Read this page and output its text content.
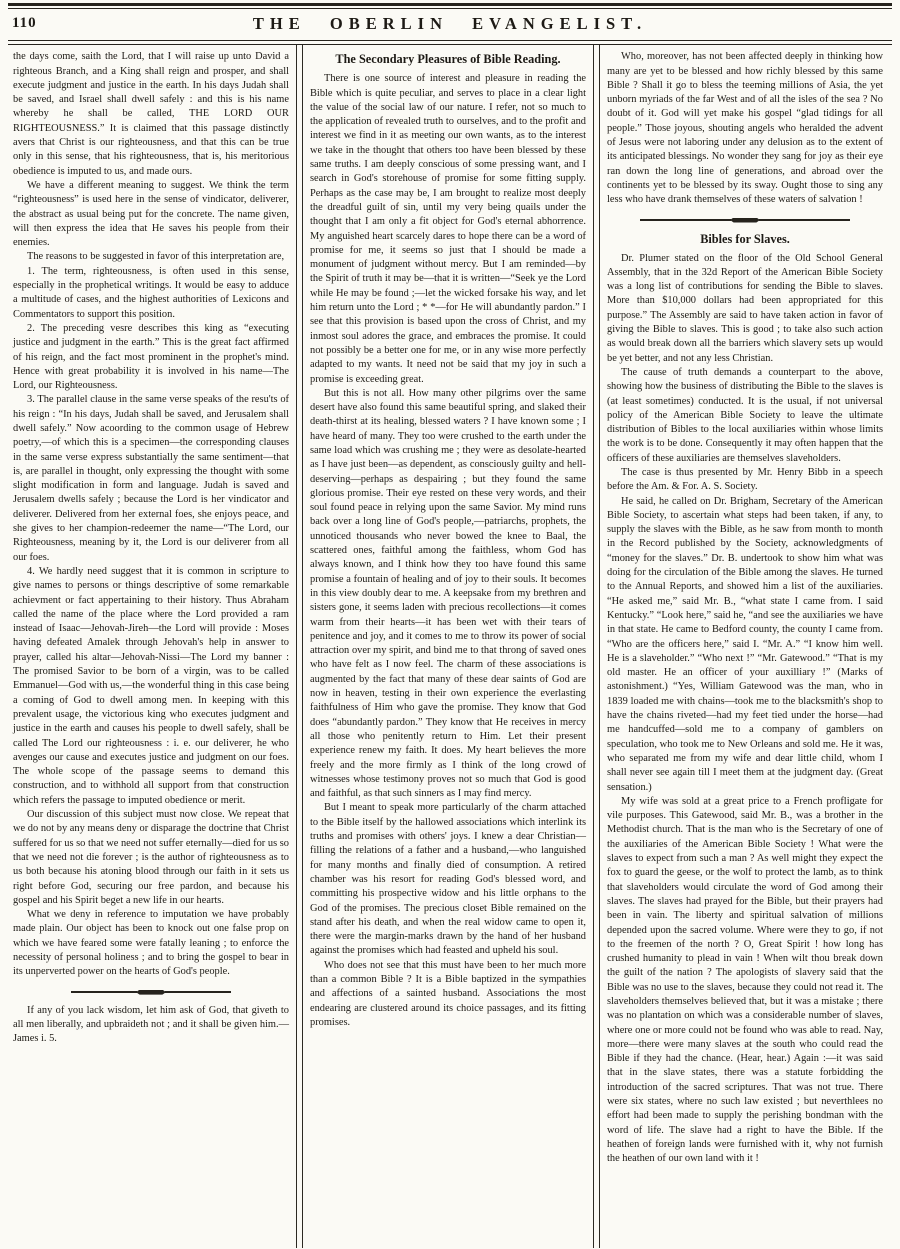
110	THE OBERLIN EVANGELIST.

the days come, saith the Lord, that I will raise up unto David a righteous Branch, and a King shall reign and prosper, and shall execute judgment and justice in the earth. In his days Judah shall be saved, and Israel shall dwell safely : and this is his name whereby he shall be called, THE LORD OUR RIGHTEOUSNESS.” It is claimed that this passage distinctly avers that Christ is our righteousness, and that this can be true only in this sense, that his righteousness, that is, his meritorious obedience is imputed to us, and made ours.

We have a different meaning to suggest. We think the term “righteousness” is used here in the sense of vindicator, deliverer, the abstract as usual being put for the concrete. The name given, will then express the idea that He saves his people from their enemies.

The reasons to be suggested in favor of this interpretation are,

1. The term, righteousness, is often used in this sense, especially in the prophetical writings. It would be easy to adduce a multitude of cases, and the highest authorities of Lexicons and Commentators to support this position.

2. The preceding vesre describes this king as “executing justice and judgment in the earth.” This is the great fact affirmed of his reign, and the fact most prominent in the prophet's mind. Hence with great probability it is involved in his name—The Lord, our Righteousness.

3. The parallel clause in the same verse speaks of the resu'ts of his reign : “In his days, Judah shall be saved, and Jerusalem shall dwell safely.” Now acoording to the common usage of Hebrew poetry,—of which this is a specimen—the corresponding clauses in the same verse express substantially the same sentiment—that is, are parallel in thought, only expressing the thought with some slight modification in form and language. Judah is saved and Jerusalem dwells safely ; because the Lord is her vindicator and deliverer. Delivered from her external foes, she enjoys peace, and she gives to her champion-redeemer the name—“The Lord, our Righteousness, meaning by it, the Lord is our deliverer from all our foes.

4. We hardly need suggest that it is common in scripture to give names to persons or things descriptive of some remarkable achievment or fact appertaining to their history. Thus Abraham called the name of the place where the Lord provided a ram instead of Isaac—Jehovah-Jireh—the Lord will provide : Moses having defeated Amalek through Jehovah's help in answer to prayer, called his altar—Jehovah-Nissi—The Lord my banner : The promised Savior to be born of a virgin, was to be called Emmanuel—God with us,—the wonderful thing in this case being a coming of God to dwell among men. In keeping with this prevalent usage, the victorious king who executes judgment and justice in the earth and causes his people to dwell safely, shall be called The Lord our righteousness : i. e. our deliverer, he who avenges our cause and executes justice and judgment on our foes. The whole scope of the passage seems to demand this construction, and to withhold all support from that construction which refers the passage to imputed obedience or merit.

Our discussion of this subject must now close. We repeat that we do not by any means deny or disparage the doctrine that Christ suffered for us so that we need not suffer eternally—died for us so that we need not die forever ; is the author of righteousness as to us both because his atoning blood through our faith in it sets us right before God, securing our free pardon, and because his gospel and his Spirit beget a new life in our hearts.

What we deny in reference to imputation we have probably made plain. Our object has been to knock out one false prop on which we have feared some were fatally leaning ; to enforce the necessity of personal holiness ; and to bring the gospel to bear in its unperverted power on the hearts of God's people.

If any of you lack wisdom, let him ask of God, that giveth to all men liberally, and upbraideth not ; and it shall be given him.—James i. 5.

The Secondary Pleasures of Bible Reading.

There is one source of interest and pleasure in reading the Bible which is quite peculiar, and serves to place in a clear light the value of the social law of our nature. I refer, not so much to the application of revealed truth to ourselves, and to the profit and interest we find in it as meeting our own wants, as to the interest we take in the thought that others too have been blessed by these same truths. I am deeply conscious of some pressing want, and I search in God's storehouse of promise for some fitting supply. Perhaps as the case may be, I am brought to realize most deeply the dreadful guilt of sin, until my very being quails under the thought that I am only a fit object for God's eternal abhorrence. My anguished heart scarcely dares to hope there can be a word of promise for me, it seems so just that I should be made a monument of judgment without mercy. But I am reminded—by the Spirit of truth it may be—that it is written—“Seek ye the Lord while He may be found ;—let the wicked forsake his way, and let him return unto the Lord ; * *—for He will abundantly pardon.” I see that this provision is based upon the cross of Christ, and my inmost soul adores the grace, and embraces the promise. It could not possibly be a better one for me, or in any wise more perfectly adapted to my wants. It need not be said that my joy in such a promise is exceeding great.

But this is not all. How many other pilgrims over the same desert have also found this same beautiful spring, and slaked their death-thirst at its healing, blessed waters ? I have known some ; I have heard of many. They too were crushed to the earth under the same load which was crushing me ; they were as desolate-hearted as I have just been—as dependent, as consciously guilty and hell-deserving—perhaps as despairing ; but they found the same glorious promise. Their eye rested on these very words, and their soul found peace in relying upon the same Savior. My mind runs back over a long line of God's people,—patriarchs, prophets, the unnoticed thousands who never bowed the knee to Baal, the scattered ones, faithful among the faithless, whom God has always known, and I think how they too have found this same promise a fountain of healing and of joy to their souls. It becomes in this view doubly dear to me. A keepsake from my brethren and sisters gone, it seems laden with precious recollections—it comes warm from their hearts—it has been wet with their tears of penitence and joy, and it comes to me to throw its power of social attraction over my spirit, and bind me to that throng of saved ones who have felt as I now feel. The charm of these associations is augmented by the fact that many of these dear saints of God are now in heaven, testing in their own experience the everlasting faithfulness of Him who gave the promise. They know that God does “abundantly pardon.” They know that He receives in mercy all those who penitently return to Him. Let their present experience renew my faith. It does. My heart believes the more freely and the more firmly as I think of the long crowd of witnesses whose testimony proves not so much that God is good and faithful, as that such sinners as I may find mercy.

But I meant to speak more particularly of the charm attached to the Bible itself by the hallowed associations which interlink its truths and promises with others' joys. I knew a dear Christian—filling the relations of a father and a husband,—who languished for many months and finally died of consumption. A retired chamber was his resort for reading God's blessed word, and committing his prospective widow and his little orphans to the God of the promises. The precious closet Bible remained on the stand after his death, and when the real widow came to open it, there were the margin-marks drawn by the hand of her husband against the promises which had feasted and upheld his soul.

Who does not see that this must have been to her much more than a common Bible ? It is a Bible baptized in the sympathies and affections of a sainted husband. Associations the most endearing are clustered around its choice passages, and its fitting promises.

Who, moreover, has not been affected deeply in thinking how many are yet to be blessed and how richly blessed by this same Bible ? Shall it go to bless the teeming millions of Asia, the yet unborn myriads of the far West and of all the isles of the sea ? No doubt of it. God will yet make his gospel “glad tidings for all people.” Those joyous, shouting angels who heralded the advent of Jesus were not laboring under any delusion as to the extent of its anticipated blessings. No wonder they sang for joy as their eye ran down the long line of generations, and abroad over the continents yet to be blessed by its sway. Ought those to sing any less who have drank themselves of these waters of salvation !

Bibles for Slaves.

Dr. Plumer stated on the floor of the Old School General Assembly, that in the 32d Report of the American Bible Society was a long list of contributions for sending the Bible to slaves. More than $10,000 dollars had been appropriated for this purpose.” The Assembly are said to have taken action in favor of giving the Bible to slaves. This is good ; to take also such action as would break down all the barriers which slavery sets up would be yet better, and not any less Christian.

The cause of truth demands a counterpart to the above, showing how the business of distributing the Bible to the slaves is (at least sometimes) conducted. It is the usual, if not universal policy of the American Bible Society to leave the ultimate distribution of Bibles to the local auxiliaries within whose limits the work is to be done. Consequently it may often happen that the officers of these auxiliaries are themselves slaveholders.

The case is thus presented by Mr. Henry Bibb in a speech before the Am. & For. A. S. Society.

He said, he called on Dr. Brigham, Secretary of the American Bible Society, to ascertain what steps had been taken, if any, to supply the slaves with the Bible, as he saw from month to month in the Record published by the Society, acknowledgments of “money for the slaves.” Dr. B. undertook to show him what was doing for the circulation of the Bible among the slaves. He turned to the Annual Reports, and showed him a list of the auxiliaries. “He asked me,” said Mr. B., “what state I came from. I said Kentucky.” “Look here,” said he, “and see the auxiliaries we have in that state. He came to Bedford county, the county I came from. “Who are the officers here,” said I. “Mr. A.” “I know him well. He is a slaveholder.” “Who next !” “Mr. Gatewood.” “That is my old master. He an officer of your auxilliary !” (Marks of astonishment.) “Yes, William Gatewood was the man, who in 1839 loaded me with chains—took me to the blacksmith's shop to have the chains riveted—had my feet tied under the horse—had me handcuffed—sold me to a company of gamblers on speculation, who took me to New Orleans and sold me. He it was, who separated me from my wife and dear little child, whom I shall never see again till I meet them at the judgment day. (Great sensation.)

My wife was sold at a great price to a French profligate for vile purposes. This Gatewood, said Mr. B., was a brother in the Methodist church. That is the man who is the Secretary of one of the auxiliaries of the American Bible Society ! What were the slaves to expect from such a man ? As well might they expect the fox to guard the geese, or the wolf to protect the lamb, as to think that slaveholders would circulate the word of God among their slaves. The slaves had prayed for the Bible, but their prayers had been in vain. The liberty and spiritual salvation of millions depended upon the sacred volume. Where were they to go, if not to the freemen of the north ? O, Great Spirit ! how long has crushed humanity to plead in vain ! When wilt thou break down the guilt of the nation ? The apologists of slavery said that the Bible was no use to the slaves, because they could not read it. The slaveholders themselves believed that, but it was a mistake ; there was no plantation on which was a considerable number of slaves, where one or more could not be found who was able to read. Nay, more—there were many slaves at the south who could read the Bible if they had the chance. (Hear, hear.) Again :—it was said that in the slave states, there was a statute forbidding the introduction of the sacred scriptures. That was not true. There were six states, where no such law existed ; but neverthlees no effort had been made to supply the perishing bondman with the word of life. The slave had a right to have the Bible. If the heathen of foreign lands were furnished with it, why not furnish the heathen of our own land with it !
